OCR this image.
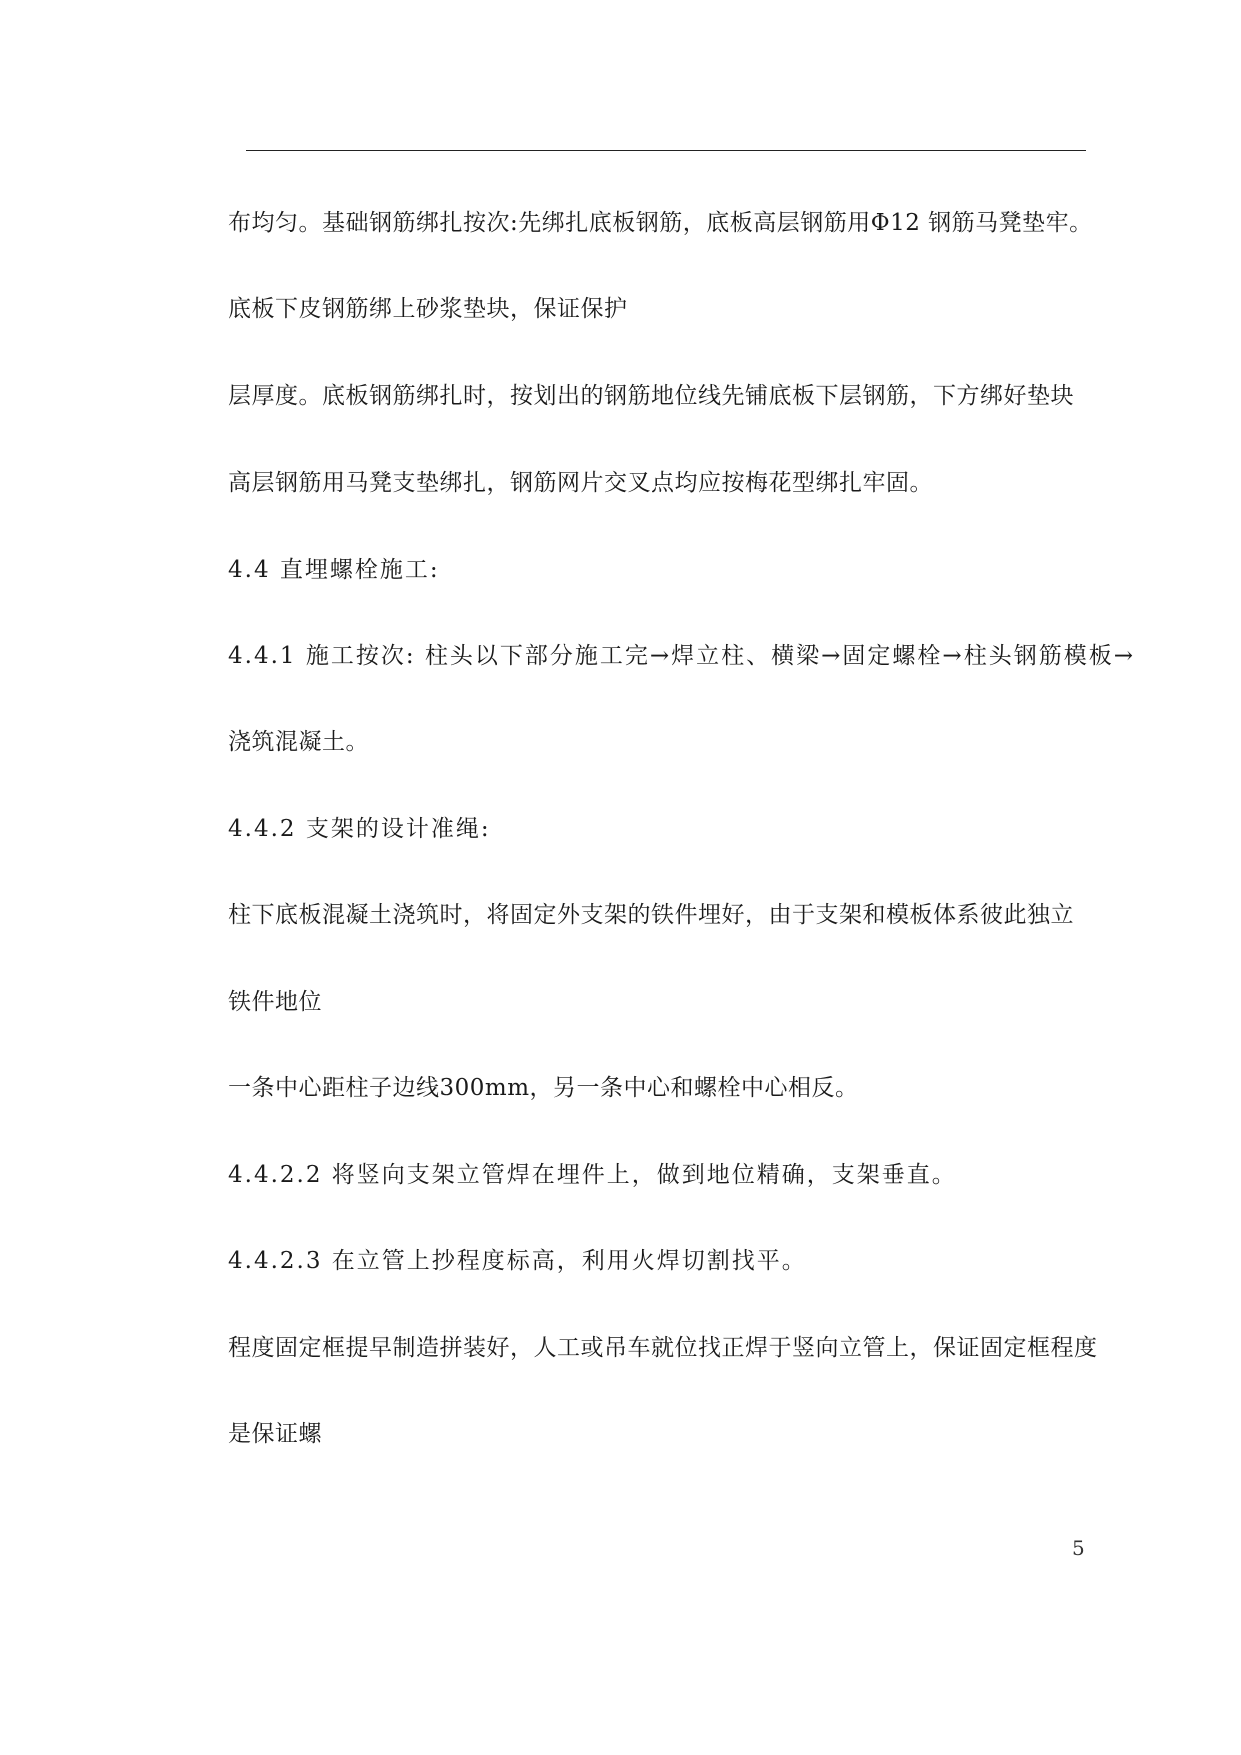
布均匀。基础钢筋绑扎按次:先绑扎底板钢筋，底板高层钢筋用Φ12 钢筋马凳垫牢。
底板下皮钢筋绑上砂浆垫块，保证保护
层厚度。底板钢筋绑扎时，按划出的钢筋地位线先铺底板下层钢筋，下方绑好垫块
高层钢筋用马凳支垫绑扎，钢筋网片交叉点均应按梅花型绑扎牢固。
4.4 直埋螺栓施工:
4.4.1 施工按次: 柱头以下部分施工完→焊立柱、横梁→固定螺栓→柱头钢筋模板→
浇筑混凝土。
4.4.2 支架的设计准绳:
柱下底板混凝土浇筑时，将固定外支架的铁件埋好，由于支架和模板体系彼此独立
铁件地位
一条中心距柱子边线300mm，另一条中心和螺栓中心相反。
4.4.2.2 将竖向支架立管焊在埋件上，做到地位精确，支架垂直。
4.4.2.3 在立管上抄程度标高，利用火焊切割找平。
程度固定框提早制造拼装好，人工或吊车就位找正焊于竖向立管上，保证固定框程度
是保证螺
5
